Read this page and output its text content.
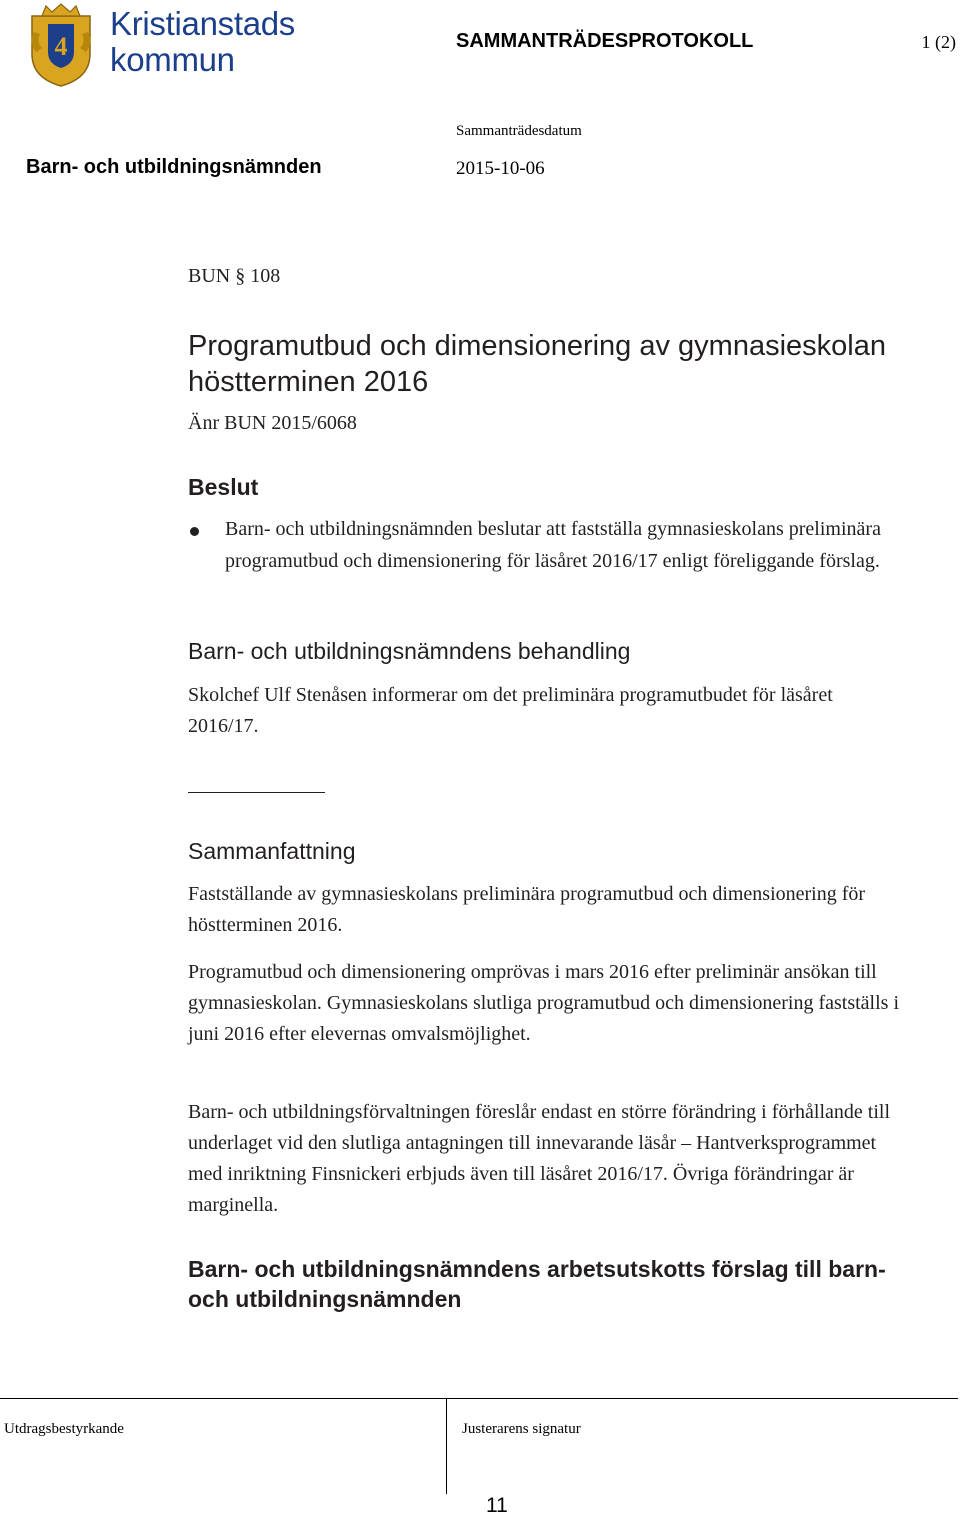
4
Kristianstads
kommun	SAMMANTRÄDESPROTOKOLL	1 (2)
Sammanträdesdatum
Barn- och utbildningsnämnden	2015-10-06
BUN § 108
Programutbud och dimensionering av gymnasieskolan höstterminen 2016
Änr BUN 2015/6068
Beslut
Barn- och utbildningsnämnden beslutar att fastställa gymnasieskolans preliminära programutbud och dimensionering för läsåret 2016/17 enligt föreliggande förslag.
Barn- och utbildningsnämndens behandling
Skolchef Ulf Stenåsen informerar om det preliminära programutbudet för läsåret 2016/17.
Sammanfattning
Fastställande av gymnasieskolans preliminära programutbud och dimensionering för höstterminen 2016.
Programutbud och dimensionering omprövas i mars 2016 efter preliminär ansökan till gymnasieskolan. Gymnasieskolans slutliga programutbud och dimensionering fastställs i juni 2016 efter elevernas omvalsmöjlighet.
Barn- och utbildningsförvaltningen föreslår endast en större förändring i förhållande till underlaget vid den slutliga antagningen till innevarande läsår – Hantverksprogrammet med inriktning Finsnickeri erbjuds även till läsåret 2016/17. Övriga förändringar är marginella.
Barn- och utbildningsnämndens arbetsutskotts förslag till barn- och utbildningsnämnden
Utdragsbestyrkande	Justerarens signatur
11
